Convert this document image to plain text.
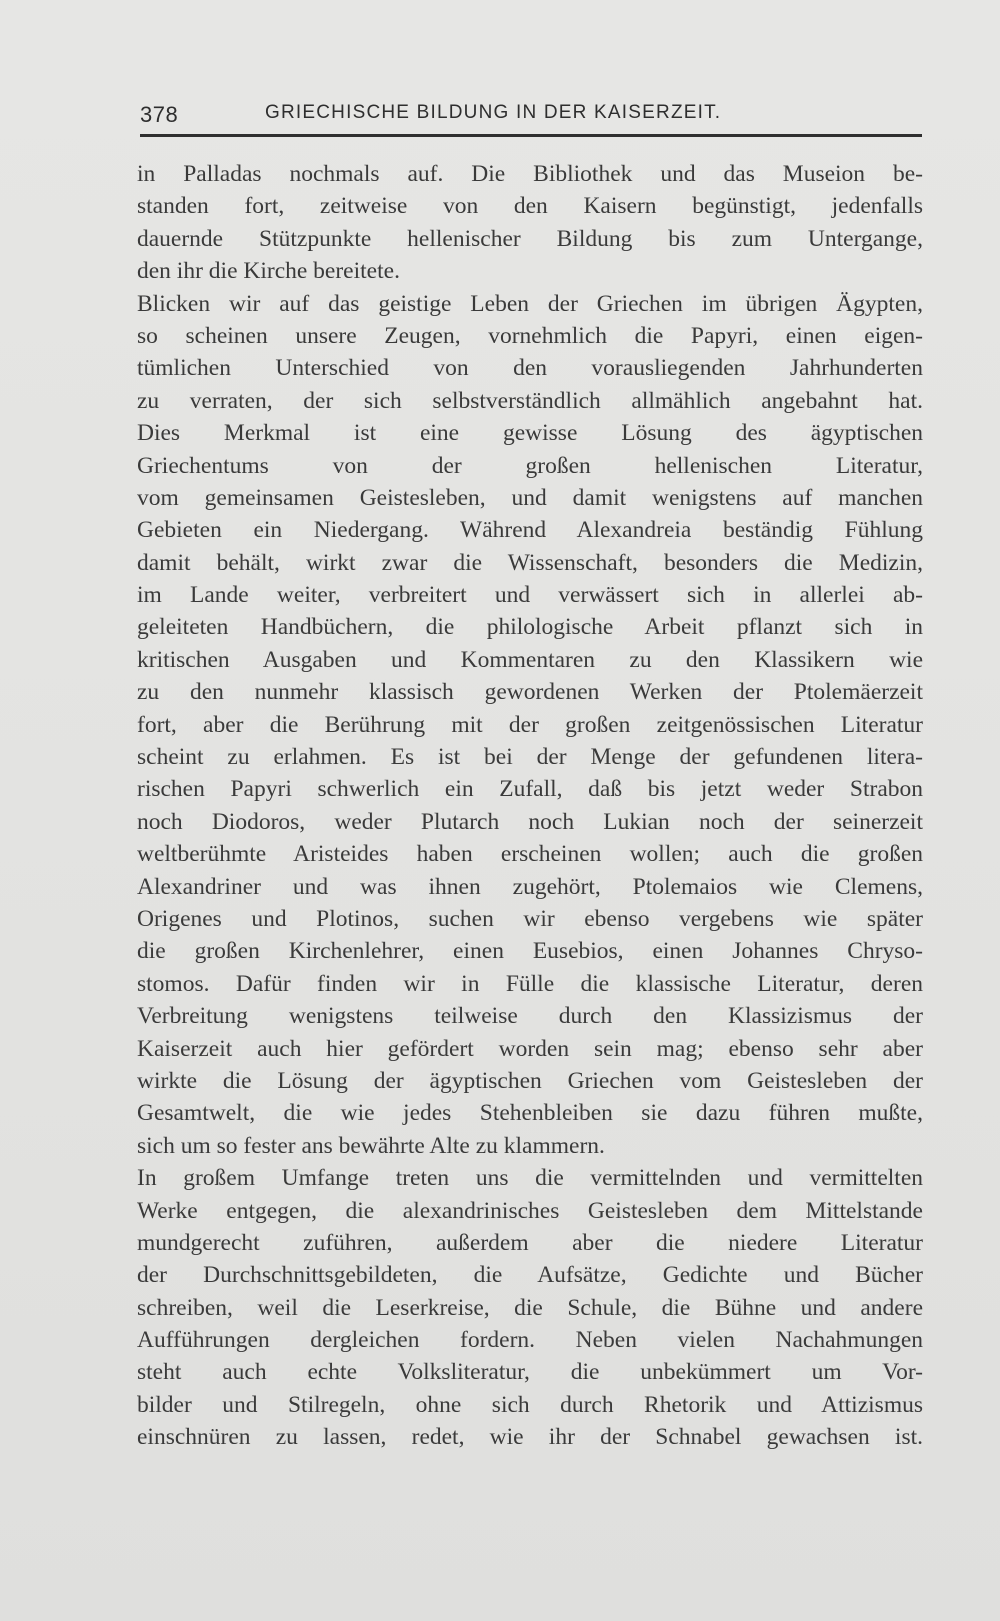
378	GRIECHISCHE BILDUNG IN DER KAISERZEIT.
in Palladas nochmals auf. Die Bibliothek und das Museion be-
standen fort, zeitweise von den Kaisern begünstigt, jedenfalls
dauernde Stützpunkte hellenischer Bildung bis zum Untergange,
den ihr die Kirche bereitete.
Blicken wir auf das geistige Leben der Griechen im übrigen Ägypten,
so scheinen unsere Zeugen, vornehmlich die Papyri, einen eigen-
tümlichen Unterschied von den vorausliegenden Jahrhunderten
zu verraten, der sich selbstverständlich allmählich angebahnt hat.
Dies Merkmal ist eine gewisse Lösung des ägyptischen
Griechentums von der großen hellenischen Literatur,
vom gemeinsamen Geistesleben, und damit wenigstens auf manchen
Gebieten ein Niedergang. Während Alexandreia beständig Fühlung
damit behält, wirkt zwar die Wissenschaft, besonders die Medizin,
im Lande weiter, verbreitert und verwässert sich in allerlei ab-
geleiteten Handbüchern, die philologische Arbeit pflanzt sich in
kritischen Ausgaben und Kommentaren zu den Klassikern wie
zu den nunmehr klassisch gewordenen Werken der Ptolemäerzeit
fort, aber die Berührung mit der großen zeitgenössischen Literatur
scheint zu erlahmen. Es ist bei der Menge der gefundenen litera-
rischen Papyri schwerlich ein Zufall, daß bis jetzt weder Strabon
noch Diodoros, weder Plutarch noch Lukian noch der seinerzeit
weltberühmte Aristeides haben erscheinen wollen; auch die großen
Alexandriner und was ihnen zugehört, Ptolemaios wie Clemens,
Origenes und Plotinos, suchen wir ebenso vergebens wie später
die großen Kirchenlehrer, einen Eusebios, einen Johannes Chryso-
stomos. Dafür finden wir in Fülle die klassische Literatur, deren
Verbreitung wenigstens teilweise durch den Klassizismus der
Kaiserzeit auch hier gefördert worden sein mag; ebenso sehr aber
wirkte die Lösung der ägyptischen Griechen vom Geistesleben der
Gesamtwelt, die wie jedes Stehenbleiben sie dazu führen mußte,
sich um so fester ans bewährte Alte zu klammern.
In großem Umfange treten uns die vermittelnden und vermittelten
Werke entgegen, die alexandrinisches Geistesleben dem Mittelstande
mundgerecht zuführen, außerdem aber die niedere Literatur
der Durchschnittsgebildeten, die Aufsätze, Gedichte und Bücher
schreiben, weil die Leserkreise, die Schule, die Bühne und andere
Aufführungen dergleichen fordern. Neben vielen Nachahmungen
steht auch echte Volksliteratur, die unbekümmert um Vor-
bilder und Stilregeln, ohne sich durch Rhetorik und Attizismus
einschnüren zu lassen, redet, wie ihr der Schnabel gewachsen ist.
